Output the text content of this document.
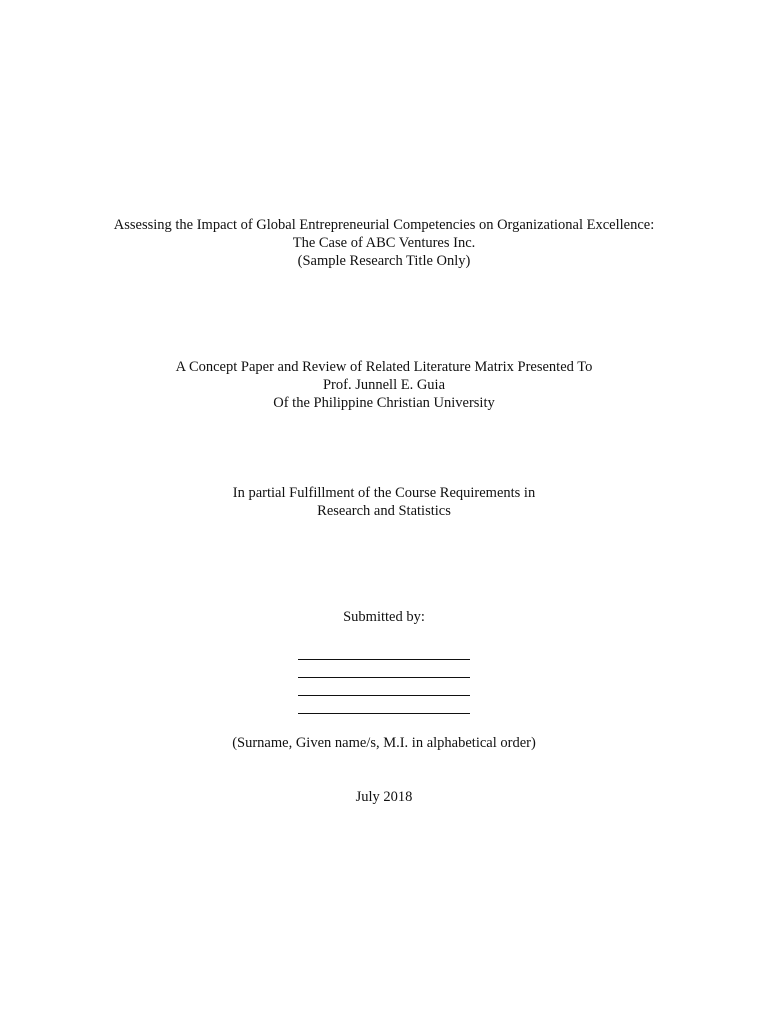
Assessing the Impact of Global Entrepreneurial Competencies on Organizational Excellence:
The Case of ABC Ventures Inc.
(Sample Research Title Only)
A Concept Paper and Review of Related Literature Matrix Presented To
Prof. Junnell E. Guia
Of the Philippine Christian University
In partial Fulfillment of the Course Requirements in
Research and Statistics
Submitted by:
(Surname, Given name/s, M.I. in alphabetical order)
July 2018
